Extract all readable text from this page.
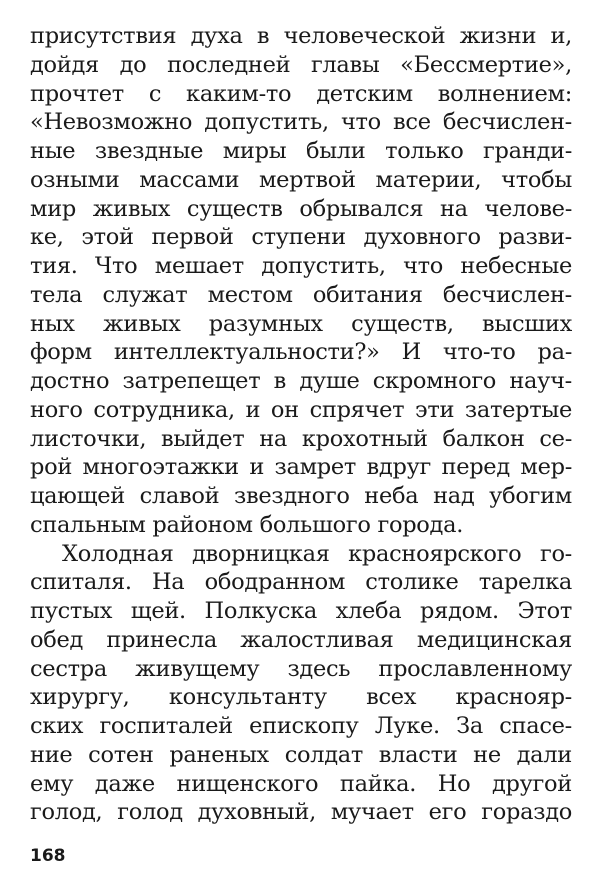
присутствия духа в человеческой жизни и,
дойдя до последней главы «Бессмертие»,
прочтет с каким-то детским волнением:
«Невозможно допустить, что все бесчислен-
ные звездные миры были только гранди-
озными массами мертвой материи, чтобы
мир живых существ обрывался на челове-
ке, этой первой ступени духовного разви-
тия. Что мешает допустить, что небесные
тела служат местом обитания бесчислен-
ных живых разумных существ, высших
форм интеллектуальности?» И что-то ра-
достно затрепещет в душе скромного науч-
ного сотрудника, и он спрячет эти затертые
листочки, выйдет на крохотный балкон се-
рой многоэтажки и замрет вдруг перед мер-
цающей славой звездного неба над убогим
спальным районом большого города.
Холодная дворницкая красноярского го-
спиталя. На ободранном столике тарелка
пустых щей. Полкуска хлеба рядом. Этот
обед принесла жалостливая медицинская
сестра живущему здесь прославленному
хирургу, консультанту всех краснояр-
ских госпиталей епископу Луке. За спасе-
ние сотен раненых солдат власти не дали
ему даже нищенского пайка. Но другой
голод, голод духовный, мучает его гораздо
168
